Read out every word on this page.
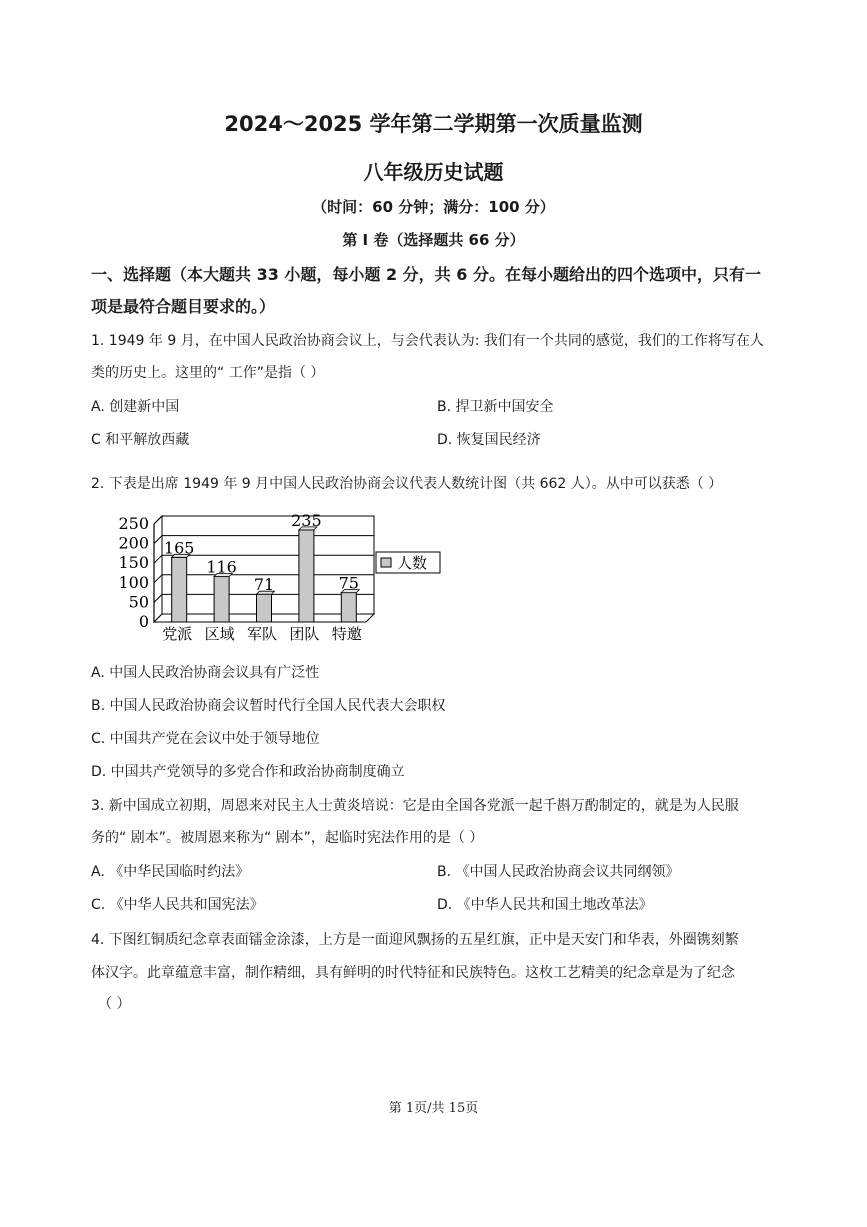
2024～2025 学年第二学期第一次质量监测
八年级历史试题
（时间：60 分钟；满分：100 分）
第 I 卷（选择题共 66 分）
一、选择题（本大题共 33 小题，每小题 2 分，共 6 分。在每小题给出的四个选项中，只有一
项是最符合题目要求的。）
1. 1949 年 9 月，在中国人民政治协商会议上，与会代表认为: 我们有一个共同的感觉，我们的工作将写在人
类的历史上。这里的“ 工作”是指（ ）
A. 创建新中国	B. 捍卫新中国安全
C 和平解放西藏	D. 恢复国民经济
2. 下表是出席 1949 年 9 月中国人民政治协商会议代表人数统计图（共 662 人）。从中可以获悉（ ）
0
50
100
150
200
250
165
党派
116
区域
71
军队
235
团队
75
特邀
人数
A. 中国人民政治协商会议具有广泛性
B. 中国人民政治协商会议暂时代行全国人民代表大会职权
C. 中国共产党在会议中处于领导地位
D. 中国共产党领导的多党合作和政治协商制度确立
3. 新中国成立初期，周恩来对民主人士黄炎培说：它是由全国各党派一起千斟万酌制定的，就是为人民服
务的“ 剧本”。被周恩来称为“ 剧本”，起临时宪法作用的是（ ）
A. 《中华民国临时约法》	B. 《中国人民政治协商会议共同纲领》
C. 《中华人民共和国宪法》	D. 《中华人民共和国土地改革法》
4. 下图红铜质纪念章表面镭金涂漆，上方是一面迎风飘扬的五星红旗，正中是天安门和华表，外圈镌刻繁
体汉字。此章蕴意丰富，制作精细，具有鲜明的时代特征和民族特色。这枚工艺精美的纪念章是为了纪念
（ ）
第 1页/共 15页
